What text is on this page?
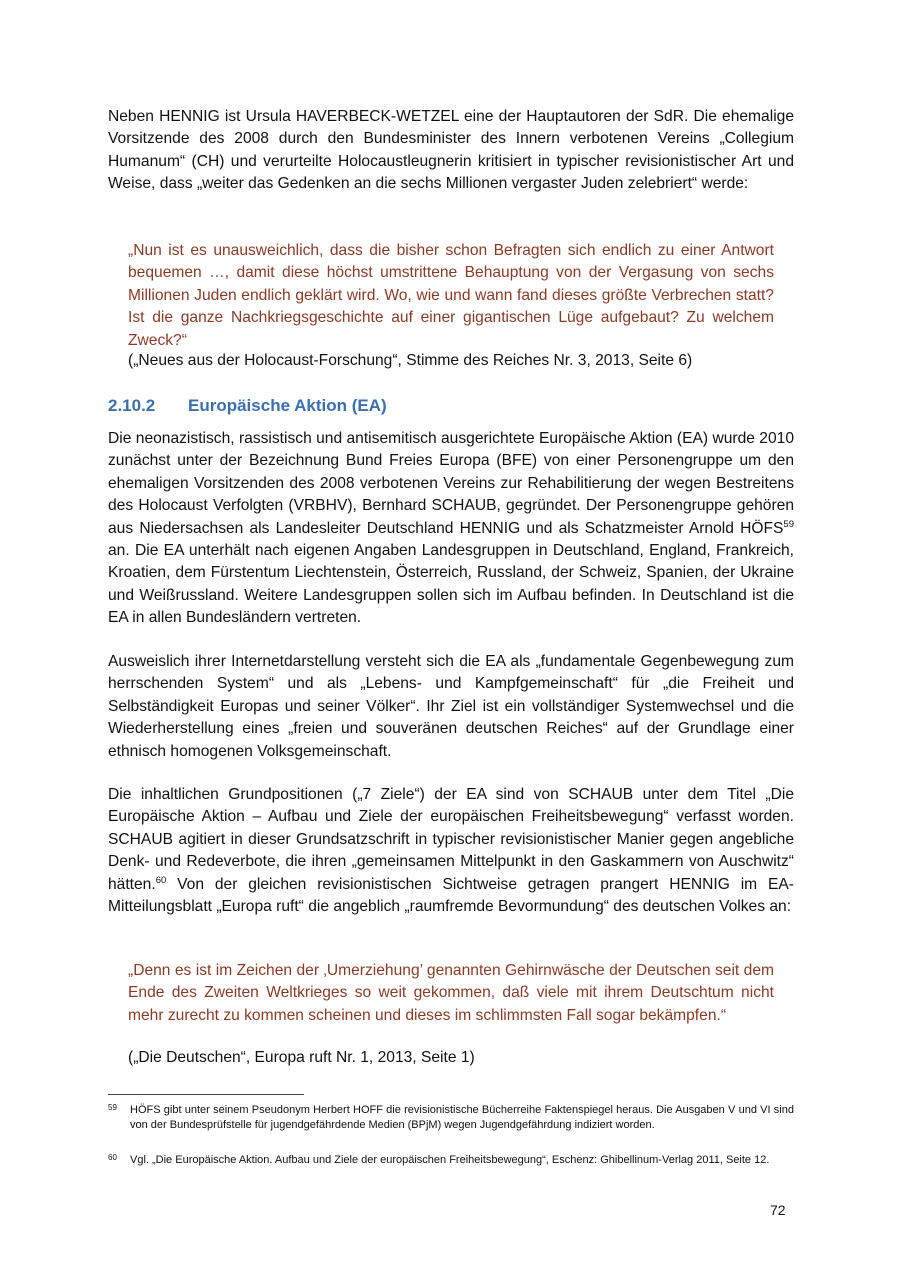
Neben HENNIG ist Ursula HAVERBECK-WETZEL eine der Hauptautoren der SdR. Die ehemalige Vorsitzende des 2008 durch den Bundesminister des Innern verbotenen Vereins „Collegium Humanum“ (CH) und verurteilte Holocaustleugnerin kritisiert in typischer revisionistischer Art und Weise, dass „weiter das Gedenken an die sechs Millionen vergaster Juden zelebriert“ werde:

„Nun ist es unausweichlich, dass die bisher schon Befragten sich endlich zu einer Antwort bequemen …, damit diese höchst umstrittene Behauptung von der Vergasung von sechs Millionen Juden endlich geklärt wird. Wo, wie und wann fand dieses größte Verbrechen statt? Ist die ganze Nachkriegsgeschichte auf einer gigantischen Lüge aufgebaut? Zu welchem Zweck?“

(„Neues aus der Holocaust-Forschung“, Stimme des Reiches Nr. 3, 2013, Seite 6)

2.10.2 Europäische Aktion (EA)

Die neonazistisch, rassistisch und antisemitisch ausgerichtete Europäische Aktion (EA) wurde 2010 zunächst unter der Bezeichnung Bund Freies Europa (BFE) von einer Personengruppe um den ehemaligen Vorsitzenden des 2008 verbotenen Vereins zur Rehabilitierung der wegen Bestreitens des Holocaust Verfolgten (VRBHV), Bernhard SCHAUB, gegründet. Der Personengruppe gehören aus Niedersachsen als Landesleiter Deutschland HENNIG und als Schatzmeister Arnold HÖFS$^{59}$ an. Die EA unterhält nach eigenen Angaben Landesgruppen in Deutschland, England, Frankreich, Kroatien, dem Fürstentum Liechtenstein, Österreich, Russland, der Schweiz, Spanien, der Ukraine und Weißrussland. Weitere Landesgruppen sollen sich im Aufbau befinden. In Deutschland ist die EA in allen Bundesländern vertreten.

Ausweislich ihrer Internetdarstellung versteht sich die EA als „fundamentale Gegenbewegung zum herrschenden System“ und als „Lebens- und Kampfgemeinschaft“ für „die Freiheit und Selbständigkeit Europas und seiner Völker“. Ihr Ziel ist ein vollständiger Systemwechsel und die Wiederherstellung eines „freien und souveränen deutschen Reiches“ auf der Grundlage einer ethnisch homogenen Volksgemeinschaft.

Die inhaltlichen Grundpositionen („7 Ziele“) der EA sind von SCHAUB unter dem Titel „Die Europäische Aktion – Aufbau und Ziele der europäischen Freiheitsbewegung“ verfasst worden. SCHAUB agitiert in dieser Grundsatzschrift in typischer revisionistischer Manier gegen angebliche Denk- und Redeverbote, die ihren „gemeinsamen Mittelpunkt in den Gaskammern von Auschwitz“ hätten.$^{60}$ Von der gleichen revisionistischen Sichtweise getragen prangert HENNIG im EA-Mitteilungsblatt „Europa ruft“ die angeblich „raumfremde Bevormundung“ des deutschen Volkes an:

„Denn es ist im Zeichen der ‚Umerziehung’ genannten Gehirnwäsche der Deutschen seit dem Ende des Zweiten Weltkrieges so weit gekommen, daß viele mit ihrem Deutschtum nicht mehr zurecht zu kommen scheinen und dieses im schlimmsten Fall sogar bekämpfen.“

(„Die Deutschen“, Europa ruft Nr. 1, 2013, Seite 1)

59 HÖFS gibt unter seinem Pseudonym Herbert HOFF die revisionistische Bücherreihe Faktenspiegel heraus. Die Ausgaben V und VI sind von der Bundesprüfstelle für jugendgefährdende Medien (BPjM) wegen Jugendgefährdung indiziert worden.
60 Vgl. „Die Europäische Aktion. Aufbau und Ziele der europäischen Freiheitsbewegung“, Eschenz: Ghibellinum-Verlag 2011, Seite 12.

72
